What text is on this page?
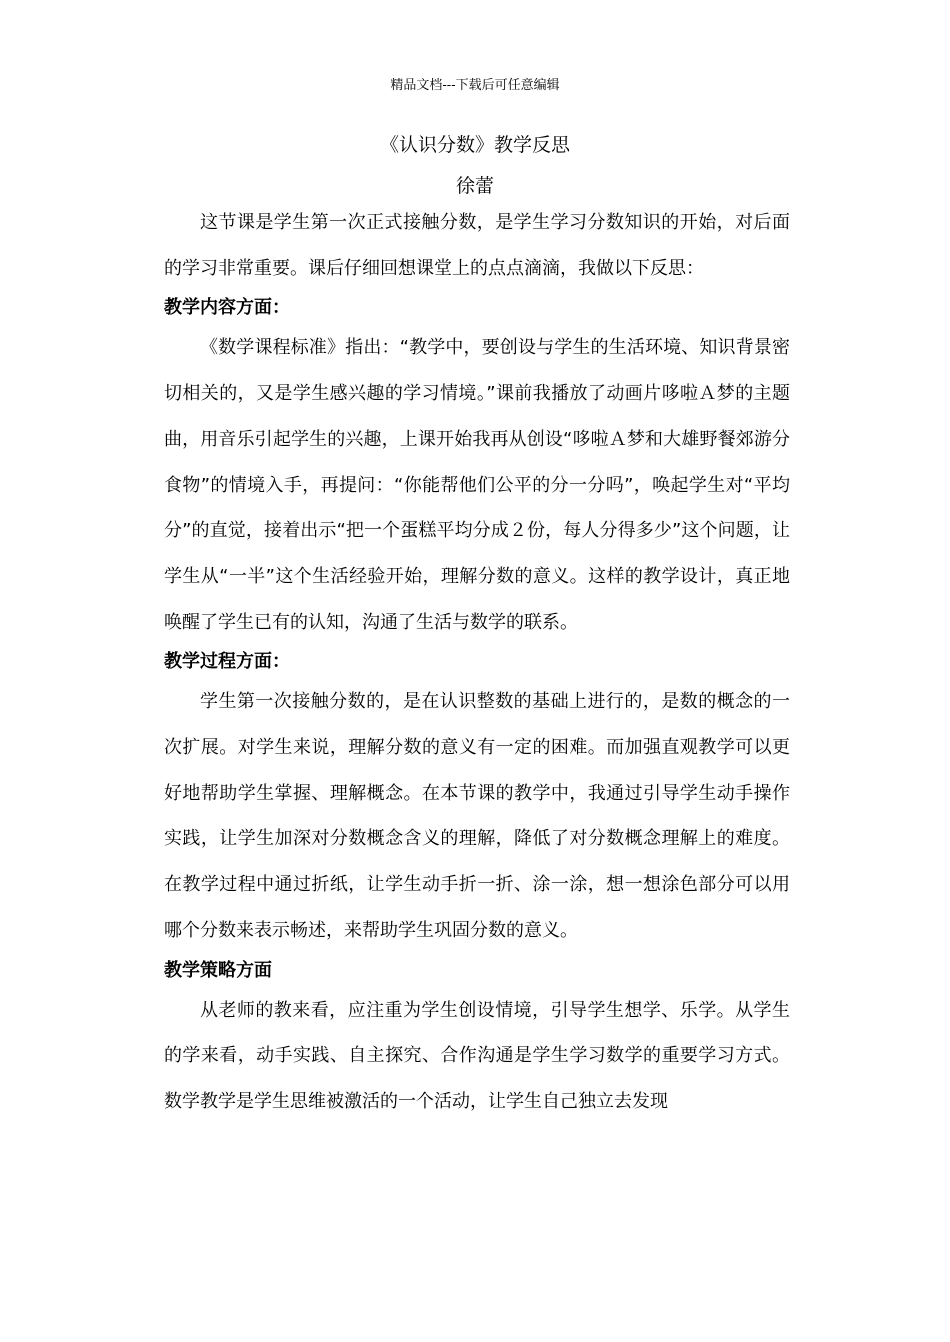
精品文档---下载后可任意编辑
《认识分数》教学反思
徐蕾

这节课是学生第一次正式接触分数，是学生学习分数知识的开始，对后面的学习非常重要。课后仔细回想课堂上的点点滴滴，我做以下反思：

教学内容方面：

《数学课程标准》指出：“教学中，要创设与学生的生活环境、知识背景密切相关的，又是学生感兴趣的学习情境。”课前我播放了动画片哆啦Ａ梦的主题曲，用音乐引起学生的兴趣，上课开始我再从创设“哆啦Ａ梦和大雄野餐郊游分食物”的情境入手，再提问：“你能帮他们公平的分一分吗”，唤起学生对“平均分”的直觉，接着出示“把一个蛋糕平均分成２份，每人分得多少”这个问题，让学生从“一半”这个生活经验开始，理解分数的意义。这样的教学设计，真正地唤醒了学生已有的认知，沟通了生活与数学的联系。

教学过程方面：

学生第一次接触分数的，是在认识整数的基础上进行的，是数的概念的一次扩展。对学生来说，理解分数的意义有一定的困难。而加强直观教学可以更好地帮助学生掌握、理解概念。在本节课的教学中，我通过引导学生动手操作实践，让学生加深对分数概念含义的理解，降低了对分数概念理解上的难度。在教学过程中通过折纸，让学生动手折一折、涂一涂，想一想涂色部分可以用哪个分数来表示畅述，来帮助学生巩固分数的意义。

教学策略方面

从老师的教来看，应注重为学生创设情境，引导学生想学、乐学。从学生的学来看，动手实践、自主探究、合作沟通是学生学习数学的重要学习方式。数学教学是学生思维被激活的一个活动，让学生自己独立去发现
